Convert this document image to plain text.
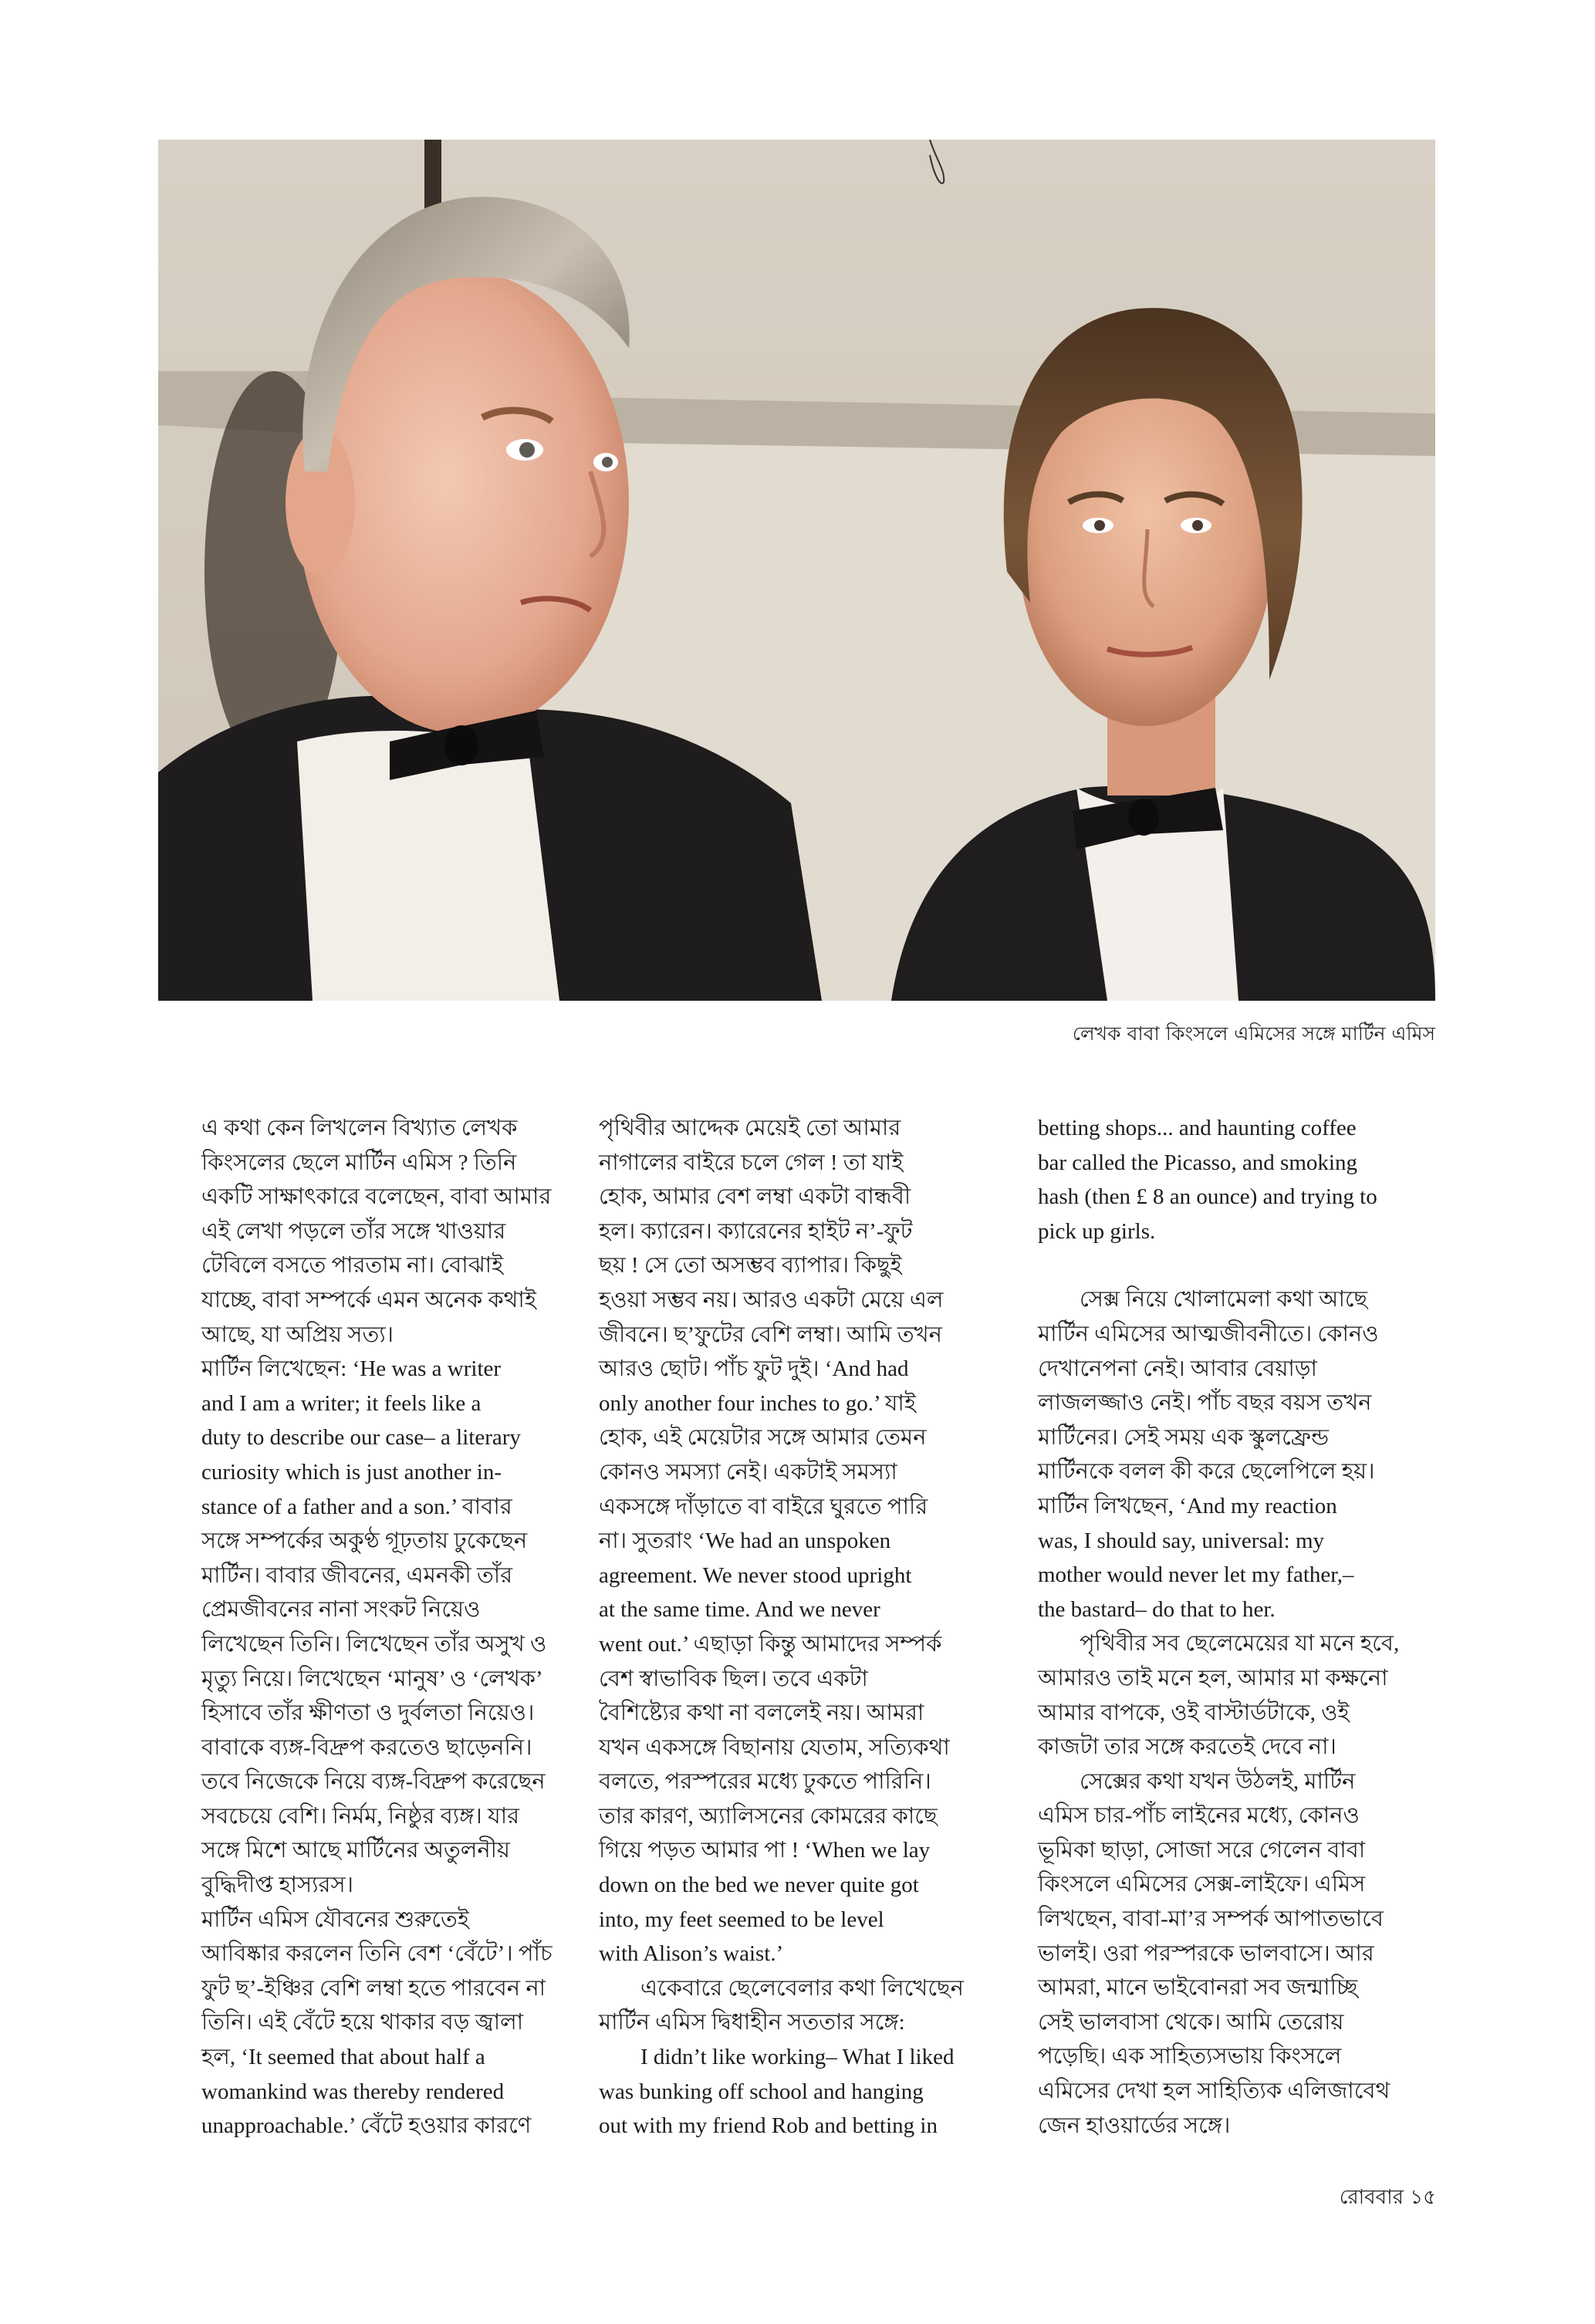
লেখক বাবা কিংসলে এমিসের সঙ্গে মার্টিন এমিস

এ কথা কেন লিখলেন বিখ্যাত লেখক
কিংসলের ছেলে মার্টিন এমিস ? তিনি
একটি সাক্ষাৎকারে বলেছেন, বাবা আমার
এই লেখা পড়লে তাঁর সঙ্গে খাওয়ার
টেবিলে বসতে পারতাম না। বোঝাই
যাচ্ছে, বাবা সম্পর্কে এমন অনেক কথাই
আছে, যা অপ্রিয় সত্য।

মার্টিন লিখেছেন: ‘He was a writer
and I am a writer; it feels like a
duty to describe our case– a literary
curiosity which is just another in-
stance of a father and a son.’ বাবার
সঙ্গে সম্পর্কের অকুণ্ঠ গূঢ়তায় ঢুকেছেন
মার্টিন। বাবার জীবনের, এমনকী তাঁর
প্রেমজীবনের নানা সংকট নিয়েও
লিখেছেন তিনি। লিখেছেন তাঁর অসুখ ও
মৃত্যু নিয়ে। লিখেছেন ‘মানুষ’ ও ‘লেখক’
হিসাবে তাঁর ক্ষীণতা ও দুর্বলতা নিয়েও।
বাবাকে ব্যঙ্গ-বিদ্রুপ করতেও ছাড়েননি।
তবে নিজেকে নিয়ে ব্যঙ্গ-বিদ্রুপ করেছেন
সবচেয়ে বেশি। নির্মম, নিষ্ঠুর ব্যঙ্গ। যার
সঙ্গে মিশে আছে মার্টিনের অতুলনীয়
বুদ্ধিদীপ্ত হাস্যরস।

মার্টিন এমিস যৌবনের শুরুতেই
আবিষ্কার করলেন তিনি বেশ ‘বেঁটে’। পাঁচ
ফুট ছ’-ইঞ্চির বেশি লম্বা হতে পারবেন না
তিনি। এই বেঁটে হয়ে থাকার বড় জ্বালা
হল, ‘It seemed that about half a
womankind was thereby rendered
unapproachable.’ বেঁটে হওয়ার কারণে

পৃথিবীর আদ্দেক মেয়েই তো আমার
নাগালের বাইরে চলে গেল ! তা যাই
হোক, আমার বেশ লম্বা একটা বান্ধবী
হল। ক্যারেন। ক্যারেনের হাইট ন’-ফুট
ছয় ! সে তো অসম্ভব ব্যাপার। কিছুই
হওয়া সম্ভব নয়। আরও একটা মেয়ে এল
জীবনে। ছ’ফুটের বেশি লম্বা। আমি তখন
আরও ছোট। পাঁচ ফুট দুই। ‘And had
only another four inches to go.’ যাই
হোক, এই মেয়েটার সঙ্গে আমার তেমন
কোনও সমস্যা নেই। একটাই সমস্যা
একসঙ্গে দাঁড়াতে বা বাইরে ঘুরতে পারি
না। সুতরাং ‘We had an unspoken
agreement. We never stood upright
at the same time. And we never
went out.’ এছাড়া কিন্তু আমাদের সম্পর্ক
বেশ স্বাভাবিক ছিল। তবে একটা
বৈশিষ্ট্যের কথা না বললেই নয়। আমরা
যখন একসঙ্গে বিছানায় যেতাম, সত্যিকথা
বলতে, পরস্পরের মধ্যে ঢুকতে পারিনি।
তার কারণ, অ্যালিসনের কোমরের কাছে
গিয়ে পড়ত আমার পা ! ‘When we lay
down on the bed we never quite got
into, my feet seemed to be level
with Alison’s waist.’

একেবারে ছেলেবেলার কথা লিখেছেন
মার্টিন এমিস দ্বিধাহীন সততার সঙ্গে:

I didn’t like working– What I liked
was bunking off school and hanging
out with my friend Rob and betting in

betting shops... and haunting coffee
bar called the Picasso, and smoking
hash (then £ 8 an ounce) and trying to
pick up girls.

সেক্স নিয়ে খোলামেলা কথা আছে
মার্টিন এমিসের আত্মজীবনীতে। কোনও
দেখানেপনা নেই। আবার বেয়াড়া
লাজলজ্জাও নেই। পাঁচ বছর বয়স তখন
মার্টিনের। সেই সময় এক স্কুলফ্রেন্ড
মার্টিনকে বলল কী করে ছেলেপিলে হয়।
মার্টিন লিখছেন, ‘And my reaction
was, I should say, universal: my
mother would never let my father,–
the bastard– do that to her.

পৃথিবীর সব ছেলেমেয়ের যা মনে হবে,
আমারও তাই মনে হল, আমার মা কক্ষনো
আমার বাপকে, ওই বাস্টার্ডটাকে, ওই
কাজটা তার সঙ্গে করতেই দেবে না।

সেক্সের কথা যখন উঠলই, মার্টিন
এমিস চার-পাঁচ লাইনের মধ্যে, কোনও
ভূমিকা ছাড়া, সোজা সরে গেলেন বাবা
কিংসলে এমিসের সেক্স-লাইফে। এমিস
লিখছেন, বাবা-মা’র সম্পর্ক আপাতভাবে
ভালই। ওরা পরস্পরকে ভালবাসে। আর
আমরা, মানে ভাইবোনরা সব জন্মাচ্ছি
সেই ভালবাসা থেকে। আমি তেরোয়
পড়েছি। এক সাহিত্যসভায় কিংসলে
এমিসের দেখা হল সাহিত্যিক এলিজাবেথ
জেন হাওয়ার্ডের সঙ্গে।

রোববার ১৫
